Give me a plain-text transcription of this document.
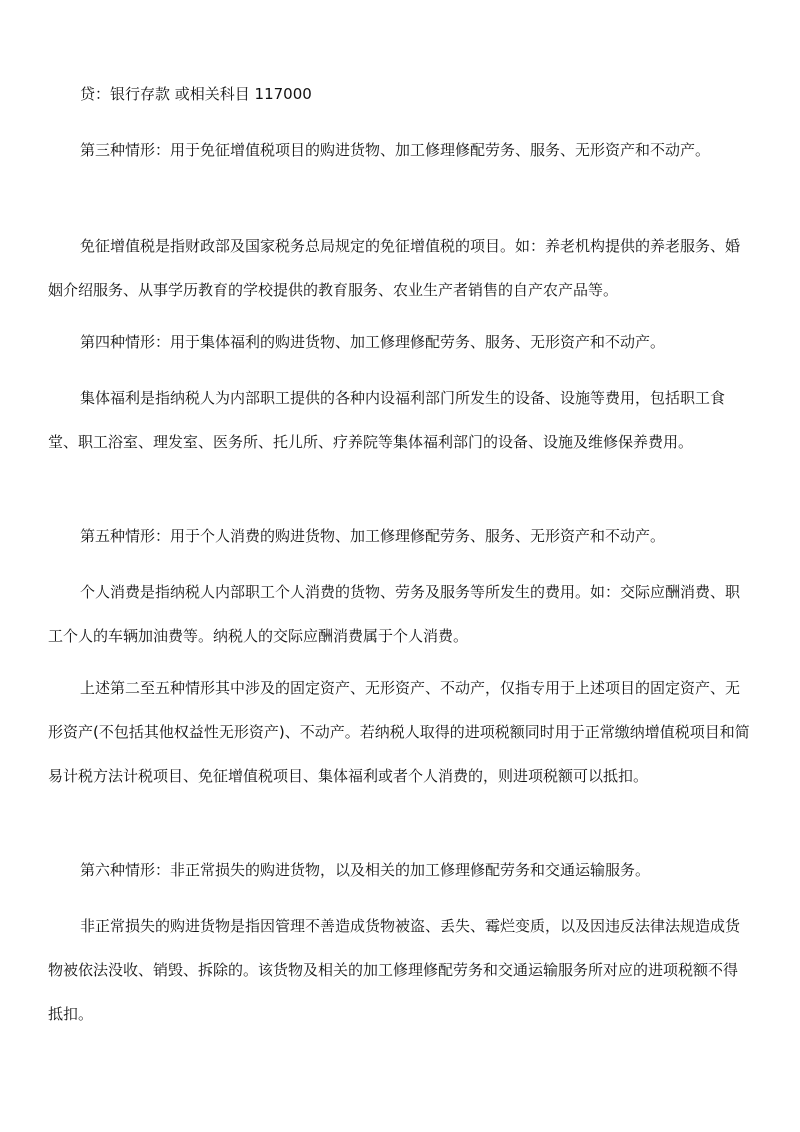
贷：银行存款 或相关科目 117000

第三种情形：用于免征增值税项目的购进货物、加工修理修配劳务、服务、无形资产和不动产。

免征增值税是指财政部及国家税务总局规定的免征增值税的项目。如：养老机构提供的养老服务、婚姻介绍服务、从事学历教育的学校提供的教育服务、农业生产者销售的自产农产品等。

第四种情形：用于集体福利的购进货物、加工修理修配劳务、服务、无形资产和不动产。

集体福利是指纳税人为内部职工提供的各种内设福利部门所发生的设备、设施等费用，包括职工食堂、职工浴室、理发室、医务所、托儿所、疗养院等集体福利部门的设备、设施及维修保养费用。

第五种情形：用于个人消费的购进货物、加工修理修配劳务、服务、无形资产和不动产。

个人消费是指纳税人内部职工个人消费的货物、劳务及服务等所发生的费用。如：交际应酬消费、职工个人的车辆加油费等。纳税人的交际应酬消费属于个人消费。

上述第二至五种情形其中涉及的固定资产、无形资产、不动产，仅指专用于上述项目的固定资产、无形资产(不包括其他权益性无形资产)、不动产。若纳税人取得的进项税额同时用于正常缴纳增值税项目和简易计税方法计税项目、免征增值税项目、集体福利或者个人消费的，则进项税额可以抵扣。

第六种情形：非正常损失的购进货物，以及相关的加工修理修配劳务和交通运输服务。

非正常损失的购进货物是指因管理不善造成货物被盗、丢失、霉烂变质，以及因违反法律法规造成货物被依法没收、销毁、拆除的。该货物及相关的加工修理修配劳务和交通运输服务所对应的进项税额不得抵扣。
